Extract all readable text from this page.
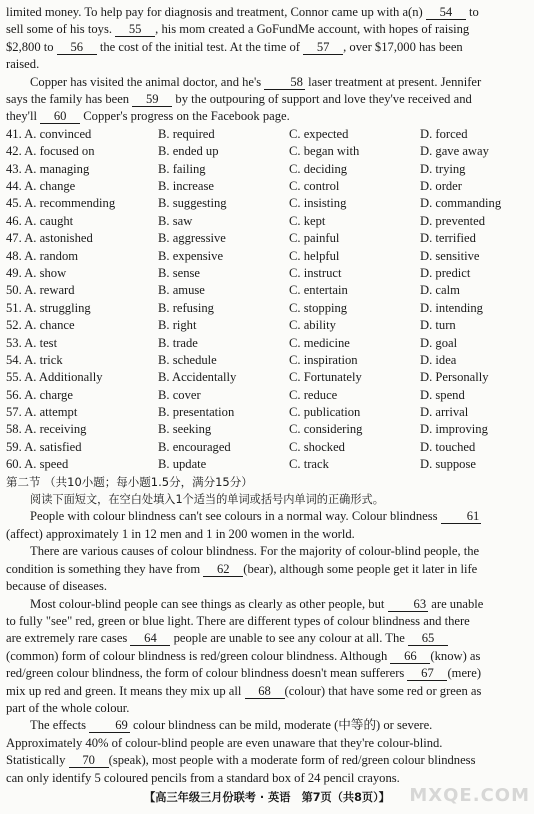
limited money. To help pay for diagnosis and treatment, Connor came up with a(n) 54 to

sell some of his toys. 55 , his mom created a GoFundMe account, with hopes of raising

$2,800 to 56 the cost of the initial test. At the time of 57 , over $17,000 has been

raised.

Copper has visited the animal doctor, and he's 58 laser treatment at present. Jennifer

says the family has been 59 by the outpouring of support and love they've received and

they'll 60 Copper's progress on the Facebook page.

41. A. convinced	B. required	C. expected	D. forced
42. A. focused on	B. ended up	C. began with	D. gave away
43. A. managing	B. failing	C. deciding	D. trying
44. A. change	B. increase	C. control	D. order
45. A. recommending	B. suggesting	C. insisting	D. commanding
46. A. caught	B. saw	C. kept	D. prevented
47. A. astonished	B. aggressive	C. painful	D. terrified
48. A. random	B. expensive	C. helpful	D. sensitive
49. A. show	B. sense	C. instruct	D. predict
50. A. reward	B. amuse	C. entertain	D. calm
51. A. struggling	B. refusing	C. stopping	D. intending
52. A. chance	B. right	C. ability	D. turn
53. A. test	B. trade	C. medicine	D. goal
54. A. trick	B. schedule	C. inspiration	D. idea
55. A. Additionally	B. Accidentally	C. Fortunately	D. Personally
56. A. charge	B. cover	C. reduce	D. spend
57. A. attempt	B. presentation	C. publication	D. arrival
58. A. receiving	B. seeking	C. considering	D. improving
59. A. satisfied	B. encouraged	C. shocked	D. touched
60. A. speed	B. update	C. track	D. suppose

第二节 （共10小题；每小题1.5分，满分15分）

阅读下面短文，在空白处填入1个适当的单词或括号内单词的正确形式。

People with colour blindness can't see colours in a normal way. Colour blindness 61

(affect) approximately 1 in 12 men and 1 in 200 women in the world.

There are various causes of colour blindness. For the majority of colour-blind people, the

condition is something they have from 62 (bear), although some people get it later in life

because of diseases.

Most colour-blind people can see things as clearly as other people, but 63 are unable

to fully "see" red, green or blue light. There are different types of colour blindness and there

are extremely rare cases 64 people are unable to see any colour at all. The 65

(common) form of colour blindness is red/green colour blindness. Although 66 (know) as

red/green colour blindness, the form of colour blindness doesn't mean sufferers 67 (mere)

mix up red and green. It means they mix up all 68 (colour) that have some red or green as

part of the whole colour.

The effects 69 colour blindness can be mild, moderate (中等的) or severe.

Approximately 40% of colour-blind people are even unaware that they're colour-blind.

Statistically 70 (speak), most people with a moderate form of red/green colour blindness

can only identify 5 coloured pencils from a standard box of 24 pencil crayons.

MXQE.COM
【高三年级三月份联考 · 英语　第7页（共8页）】
